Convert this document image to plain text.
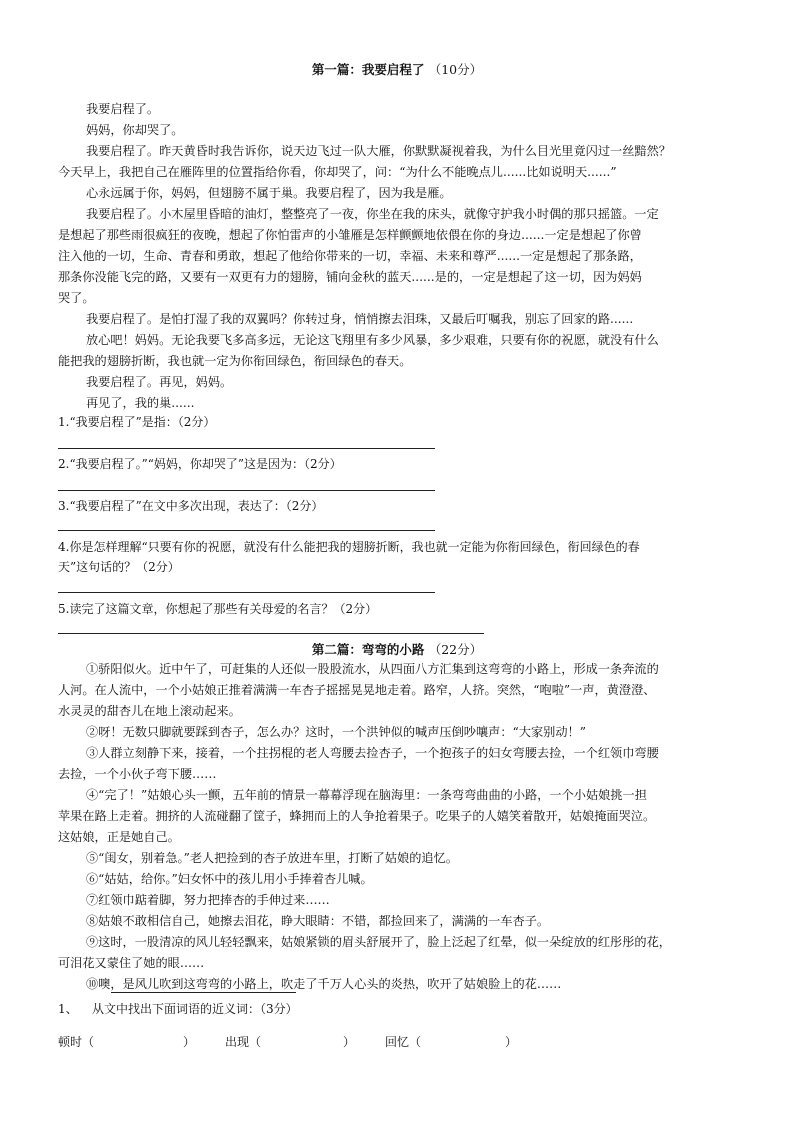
第一篇：我要启程了 （10分）
我要启程了。
妈妈，你却哭了。
我要启程了。昨天黄昏时我告诉你，说天边飞过一队大雁，你默默凝视着我，为什么目光里竟闪过一丝黯然？
今天早上，我把自己在雁阵里的位置指给你看，你却哭了，问：“为什么不能晚点儿......比如说明天......”
心永远属于你，妈妈，但翅膀不属于巢。我要启程了，因为我是雁。
我要启程了。小木屋里昏暗的油灯，整整亮了一夜，你坐在我的床头，就像守护我小时偶的那只摇篮。一定
是想起了那些雨很疯狂的夜晚，想起了你怕雷声的小雏雁是怎样颤颤地依偎在你的身边......一定是想起了你曾
注入他的一切，生命、青春和勇敢，想起了他给你带来的一切，幸福、未来和尊严......一定是想起了那条路，
那条你没能飞完的路，又要有一双更有力的翅膀，铺向金秋的蓝天......是的，一定是想起了这一切，因为妈妈
哭了。
我要启程了。是怕打湿了我的双翼吗？你转过身，悄悄擦去泪珠，又最后叮嘱我，别忘了回家的路......
放心吧！妈妈。无论我要飞多高多远，无论这飞翔里有多少风暴，多少艰难，只要有你的祝愿，就没有什么
能把我的翅膀折断，我也就一定为你衔回绿色，衔回绿色的春天。
我要启程了。再见，妈妈。
再见了，我的巢......
1.“我要启程了”是指：（2分）
2.“我要启程了。”“妈妈，你却哭了”这是因为：（2分）
3.“我要启程了”在文中多次出现，表达了：（2分）
4.你是怎样理解“只要有你的祝愿，就没有什么能把我的翅膀折断，我也就一定能为你衔回绿色，衔回绿色的春
天”这句话的？（2分）
5.读完了这篇文章，你想起了那些有关母爱的名言？（2分）
第二篇：弯弯的小路 （22分）
①骄阳似火。近中午了，可赶集的人还似一股股流水，从四面八方汇集到这弯弯的小路上，形成一条奔流的
人河。在人流中，一个小姑娘正推着满满一车杏子摇摇晃晃地走着。路窄，人挤。突然，“咆啦”一声，黄澄澄、
水灵灵的甜杏儿在地上滚动起来。
②呀！无数只脚就要踩到杏子，怎么办？这时，一个洪钟似的喊声压倒吵嚷声：“大家别动！”
③人群立刻静下来，接着，一个拄拐棍的老人弯腰去捡杏子，一个抱孩子的妇女弯腰去捡，一个红领巾弯腰
去捡，一个小伙子弯下腰……
④“完了！”姑娘心头一颤，五年前的情景一幕幕浮现在脑海里：一条弯弯曲曲的小路，一个小姑娘挑一担
苹果在路上走着。拥挤的人流碰翻了筐子，蜂拥而上的人争抢着果子。吃果子的人嬉笑着散开，姑娘掩面哭泣。
这姑娘，正是她自己。
⑤“闺女，别着急。”老人把捡到的杏子放进车里，打断了姑娘的追忆。
⑥“姑姑，给你。”妇女怀中的孩儿用小手捧着杏儿喊。
⑦红领巾踮着脚，努力把捧杏的手伸过来……
⑧姑娘不敢相信自己，她擦去泪花，睁大眼睛：不错，都捡回来了，满满的一车杏子。
⑨这时，一股清凉的风儿轻轻飘来，姑娘紧锁的眉头舒展开了，脸上泛起了红晕，似一朵绽放的红彤彤的花，
可泪花又蒙住了她的眼……
⑩噢，是风儿吹到这弯弯的小路上，吹走了千万人心头的炎热，吹开了姑娘脸上的花……
1、 从文中找出下面词语的近义词：（3分）
顿时（	） 出现（	） 回忆（	）
